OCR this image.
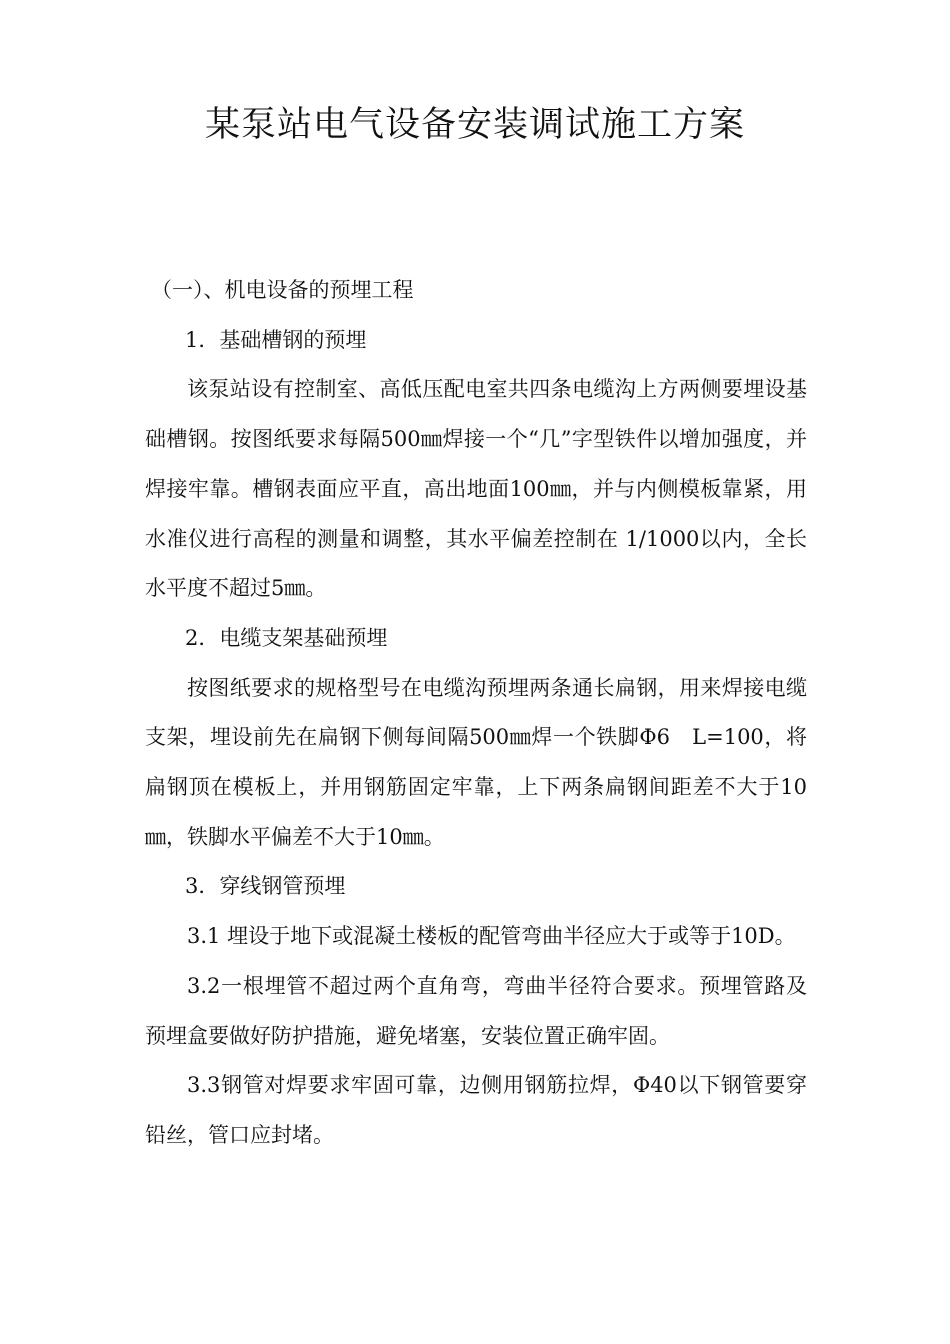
某泵站电气设备安装调试施工方案

（一）、机电设备的预埋工程

1．基础槽钢的预埋

该泵站设有控制室、高低压配电室共四条电缆沟上方两侧要埋设基础槽钢。按图纸要求每隔500㎜焊接一个“几”字型铁件以增加强度，并焊接牢靠。槽钢表面应平直，高出地面100㎜，并与内侧模板靠紧，用水准仪进行高程的测量和调整，其水平偏差控制在 1/1000以内，全长水平度不超过5㎜。

2．电缆支架基础预埋

按图纸要求的规格型号在电缆沟预埋两条通长扁钢，用来焊接电缆支架，埋设前先在扁钢下侧每间隔500㎜焊一个铁脚Φ6　L=100，将扁钢顶在模板上，并用钢筋固定牢靠，上下两条扁钢间距差不大于10㎜，铁脚水平偏差不大于10㎜。

3．穿线钢管预埋

3.1 埋设于地下或混凝土楼板的配管弯曲半径应大于或等于10D。

3.2一根埋管不超过两个直角弯，弯曲半径符合要求。预埋管路及预埋盒要做好防护措施，避免堵塞，安装位置正确牢固。

3.3钢管对焊要求牢固可靠，边侧用钢筋拉焊，Φ40以下钢管要穿铅丝，管口应封堵。
